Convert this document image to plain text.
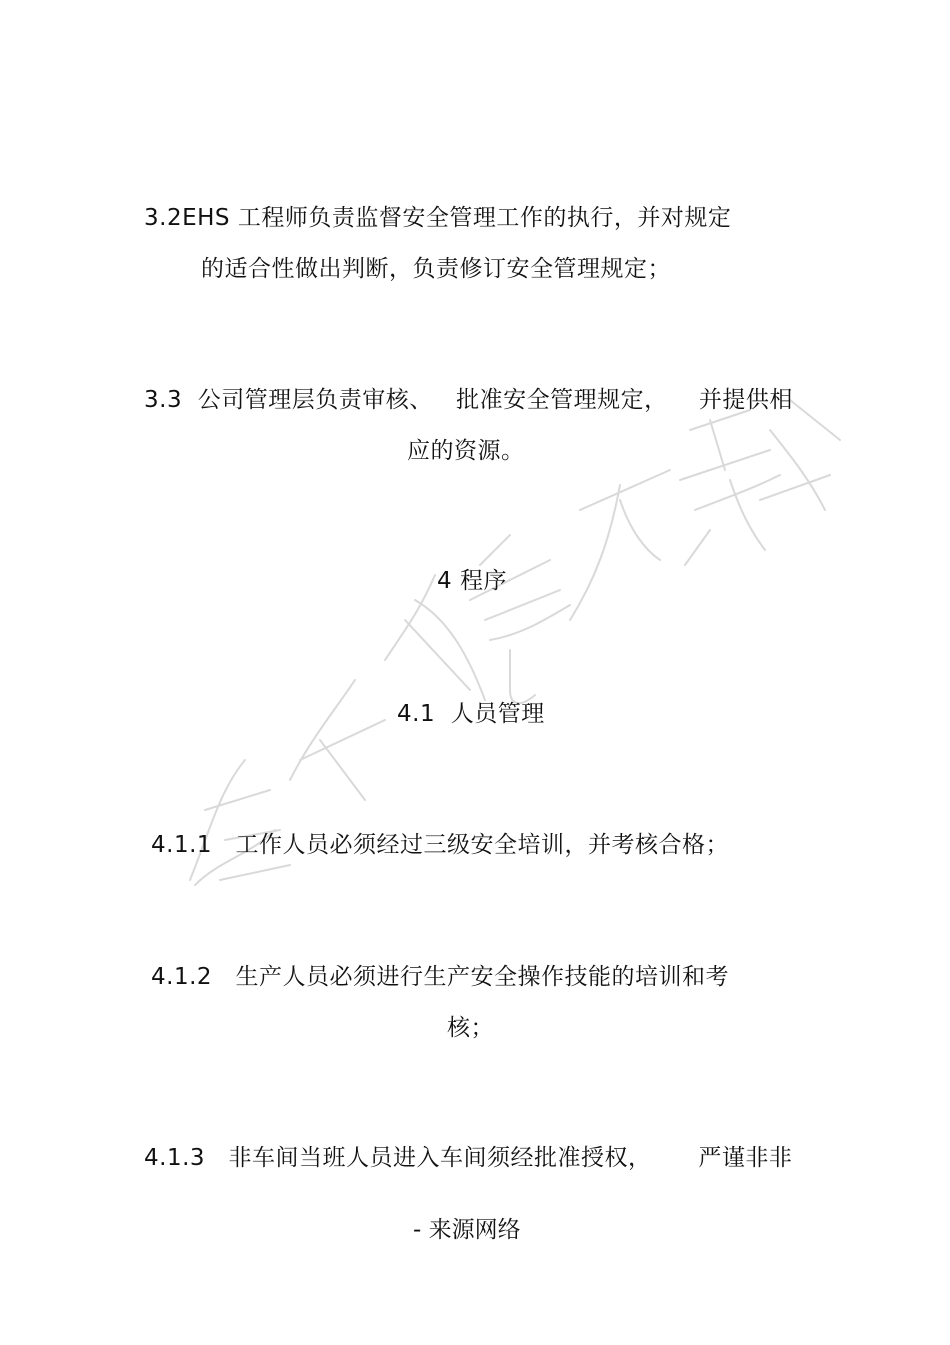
3.2EHS 工程师负责监督安全管理工作的执行，并对规定
的适合性做出判断，负责修订安全管理规定；
3.3  公司管理层负责审核、   批准安全管理规定，    并提供相
应的资源。
4 程序
4.1  人员管理
4.1.1   工作人员必须经过三级安全培训，并考核合格；
4.1.2   生产人员必须进行生产安全操作技能的培训和考
核；
4.1.3   非车间当班人员进入车间须经批准授权，      严谨非非
- 来源网络
